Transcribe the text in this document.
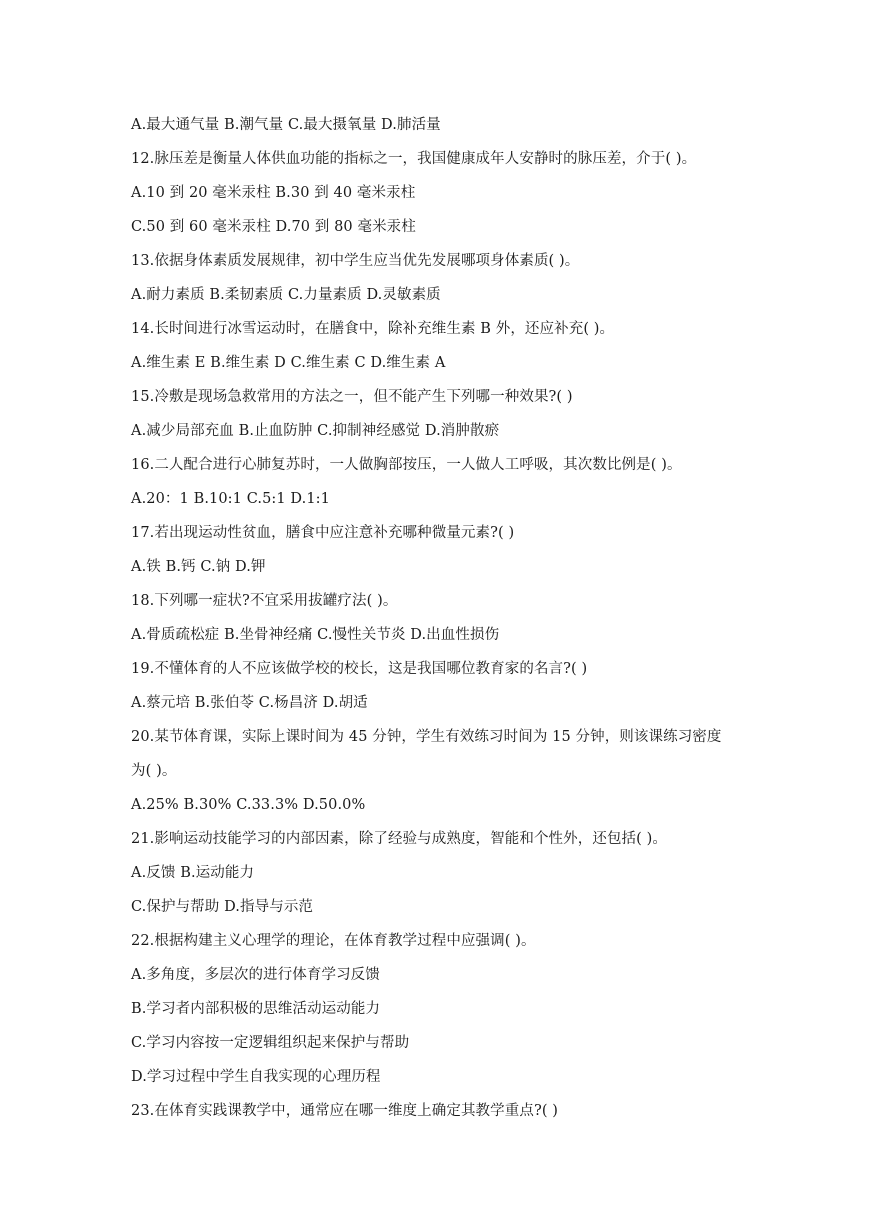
A.最大通气量 B.潮气量 C.最大摄氧量 D.肺活量
12.脉压差是衡量人体供血功能的指标之一，我国健康成年人安静时的脉压差，介于( )。
A.10 到 20 毫米汞柱 B.30 到 40 毫米汞柱
C.50 到 60 毫米汞柱 D.70 到 80 毫米汞柱
13.依据身体素质发展规律，初中学生应当优先发展哪项身体素质( )。
A.耐力素质 B.柔韧素质 C.力量素质 D.灵敏素质
14.长时间进行冰雪运动时，在膳食中，除补充维生素 B 外，还应补充( )。
A.维生素 E B.维生素 D C.维生素 C D.维生素 A
15.冷敷是现场急救常用的方法之一，但不能产生下列哪一种效果?( )
A.减少局部充血 B.止血防肿 C.抑制神经感觉 D.消肿散瘀
16.二人配合进行心肺复苏时，一人做胸部按压，一人做人工呼吸，其次数比例是( )。
A.20：1 B.10:1 C.5:1 D.1:1
17.若出现运动性贫血，膳食中应注意补充哪种微量元素?( )
A.铁 B.钙 C.钠 D.钾
18.下列哪一症状?不宜采用拔罐疗法( )。
A.骨质疏松症 B.坐骨神经痛 C.慢性关节炎 D.出血性损伤
19.不懂体育的人不应该做学校的校长，这是我国哪位教育家的名言?( )
A.蔡元培 B.张伯苓 C.杨昌济 D.胡适
20.某节体育课，实际上课时间为 45 分钟，学生有效练习时间为 15 分钟，则该课练习密度
为( )。
A.25% B.30% C.33.3% D.50.0%
21.影响运动技能学习的内部因素，除了经验与成熟度，智能和个性外，还包括( )。
A.反馈 B.运动能力
C.保护与帮助 D.指导与示范
22.根据构建主义心理学的理论，在体育教学过程中应强调( )。
A.多角度，多层次的进行体育学习反馈
B.学习者内部积极的思维活动运动能力
C.学习内容按一定逻辑组织起来保护与帮助
D.学习过程中学生自我实现的心理历程
23.在体育实践课教学中，通常应在哪一维度上确定其教学重点?( )
